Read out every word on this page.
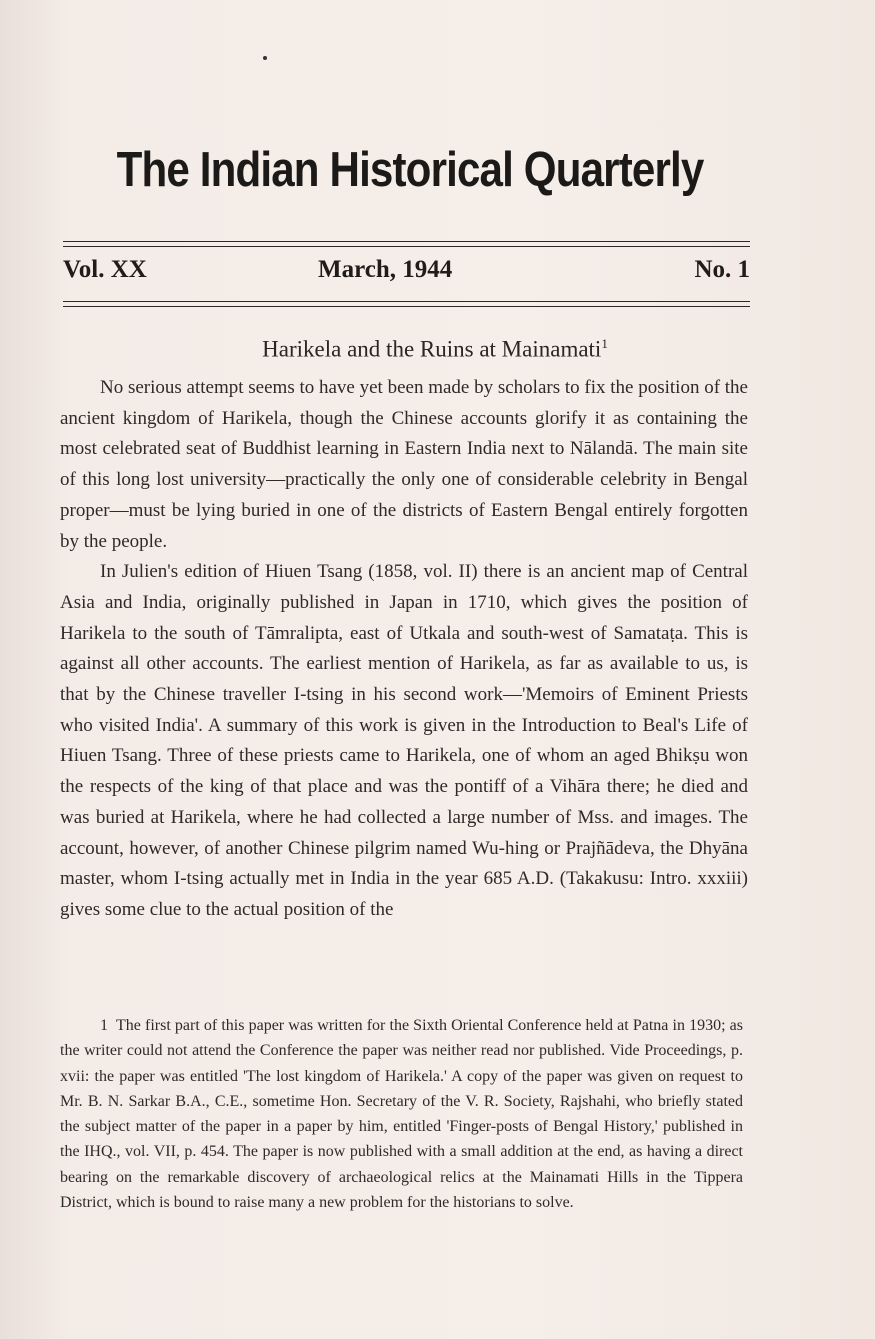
The Indian Historical Quarterly
Vol. XX	March, 1944	No. 1
Harikela and the Ruins at Mainamati$^1$

No serious attempt seems to have yet been made by scholars to fix the position of the ancient kingdom of Harikela, though the Chinese accounts glorify it as containing the most celebrated seat of Buddhist learning in Eastern India next to Nālandā. The main site of this long lost university—practically the only one of considerable celebrity in Bengal proper—must be lying buried in one of the districts of Eastern Bengal entirely forgotten by the people.

In Julien's edition of Hiuen Tsang (1858, vol. II) there is an ancient map of Central Asia and India, originally published in Japan in 1710, which gives the position of Harikela to the south of Tāmralipta, east of Utkala and south-west of Samataṭa. This is against all other accounts. The earliest mention of Harikela, as far as available to us, is that by the Chinese traveller I-tsing in his second work—'Memoirs of Eminent Priests who visited India'. A summary of this work is given in the Introduction to Beal's Life of Hiuen Tsang. Three of these priests came to Harikela, one of whom an aged Bhikṣu won the respects of the king of that place and was the pontiff of a Vihāra there; he died and was buried at Harikela, where he had collected a large number of Mss. and images. The account, however, of another Chinese pilgrim named Wu-hing or Prajñādeva, the Dhyāna master, whom I-tsing actually met in India in the year 685 A.D. (Takakusu: Intro. xxxiii) gives some clue to the actual position of the

1 The first part of this paper was written for the Sixth Oriental Conference held at Patna in 1930; as the writer could not attend the Conference the paper was neither read nor published. Vide Proceedings, p. xvii: the paper was entitled 'The lost kingdom of Harikela.' A copy of the paper was given on request to Mr. B. N. Sarkar B.A., C.E., sometime Hon. Secretary of the V. R. Society, Rajshahi, who briefly stated the subject matter of the paper in a paper by him, entitled 'Finger-posts of Bengal History,' published in the IHQ., vol. VII, p. 454. The paper is now published with a small addition at the end, as having a direct bearing on the remarkable discovery of archaeological relics at the Mainamati Hills in the Tippera District, which is bound to raise many a new problem for the historians to solve.
